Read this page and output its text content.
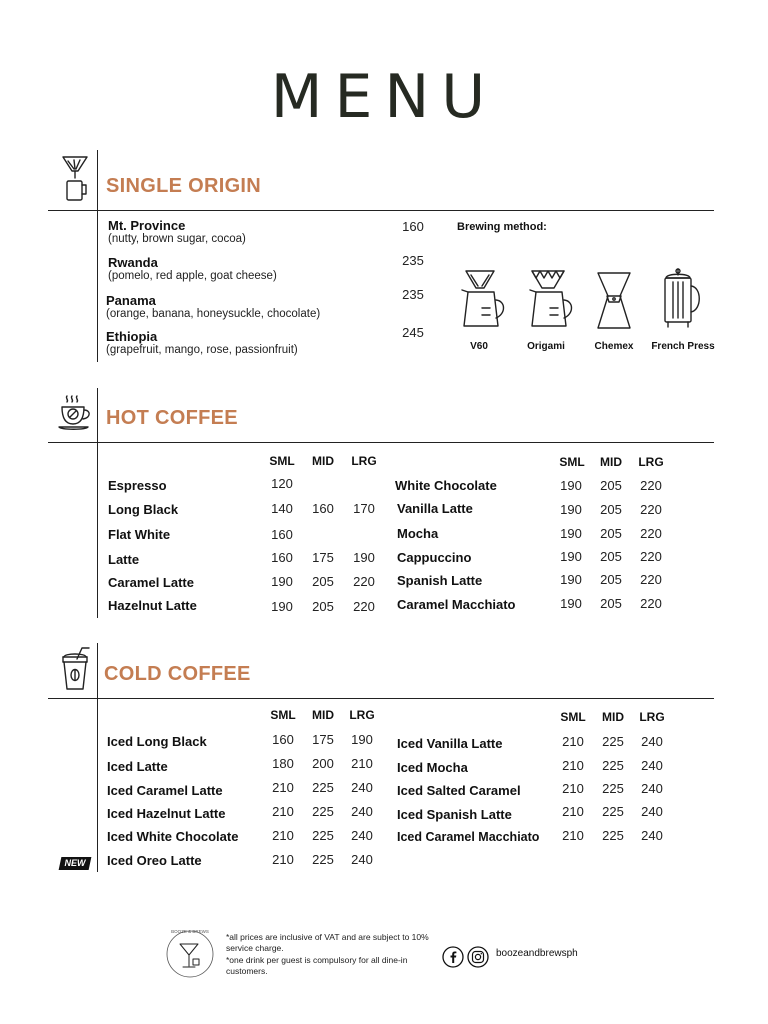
MENU
SINGLE ORIGIN
Mt. Province
(nutty, brown sugar, cocoa)
160
Rwanda
(pomelo, red apple, goat cheese)
235
Panama
(orange, banana, honeysuckle, chocolate)
235
Ethiopia
(grapefruit, mango, rose, passionfruit)
245
Brewing method:
V60	Origami	Chemex	French Press
HOT COFFEE
SML	MID	LRG	SML	MID	LRG
Espresso	120
Long Black	140	160	170
Flat White	160
Latte	160	175	190
Caramel Latte	190	205	220
Hazelnut Latte	190	205	220
White Chocolate	190	205	220
Vanilla Latte	190	205	220
Mocha	190	205	220
Cappuccino	190	205	220
Spanish Latte	190	205	220
Caramel Macchiato	190	205	220
COLD COFFEE
SML	MID	LRG	SML	MID	LRG
Iced Long Black	160	175	190
Iced Latte	180	200	210
Iced Caramel Latte	210	225	240
Iced Hazelnut Latte	210	225	240
Iced White Chocolate	210	225	240
NEW	Iced Oreo Latte	210	225	240
Iced Vanilla Latte	210	225	240
Iced Mocha	210	225	240
Iced Salted Caramel	210	225	240
Iced Spanish Latte	210	225	240
Iced Caramel Macchiato	210	225	240
BOOZE & BREWS
*all prices are inclusive of VAT and are subject to 10% service charge.
*one drink per guest is compulsory for all dine-in customers.
boozeandbrewsph
